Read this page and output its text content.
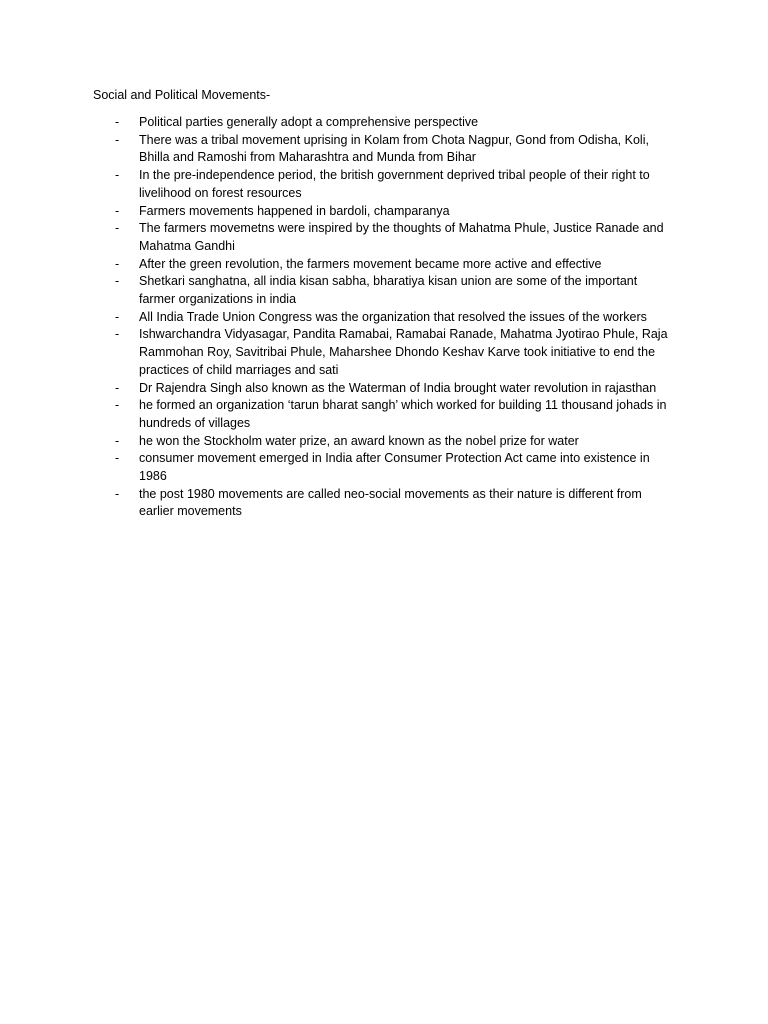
Social and Political Movements-
- Political parties generally adopt a comprehensive perspective
- There was a tribal movement uprising in Kolam from Chota Nagpur, Gond from Odisha, Koli, Bhilla and Ramoshi from Maharashtra and Munda from Bihar
- In the pre-independence period, the british government deprived tribal people of their right to livelihood on forest resources
- Farmers movements happened in bardoli, champaranya
- The farmers movemetns were inspired by the thoughts of Mahatma Phule, Justice Ranade and Mahatma Gandhi
- After the green revolution, the farmers movement became more active and effective
- Shetkari sanghatna, all india kisan sabha, bharatiya kisan union are some of the important farmer organizations in india
- All India Trade Union Congress was the organization that resolved the issues of the workers
- Ishwarchandra Vidyasagar, Pandita Ramabai, Ramabai Ranade, Mahatma Jyotirao Phule, Raja Rammohan Roy, Savitribai Phule, Maharshee Dhondo Keshav Karve took initiative to end the practices of child marriages and sati
- Dr Rajendra Singh also known as the Waterman of India brought water revolution in rajasthan
- he formed an organization ‘tarun bharat sangh’ which worked for building 11 thousand johads in hundreds of villages
- he won the Stockholm water prize, an award known as the nobel prize for water
- consumer movement emerged in India after Consumer Protection Act came into existence in 1986
- the post 1980 movements are called neo-social movements as their nature is different from earlier movements
